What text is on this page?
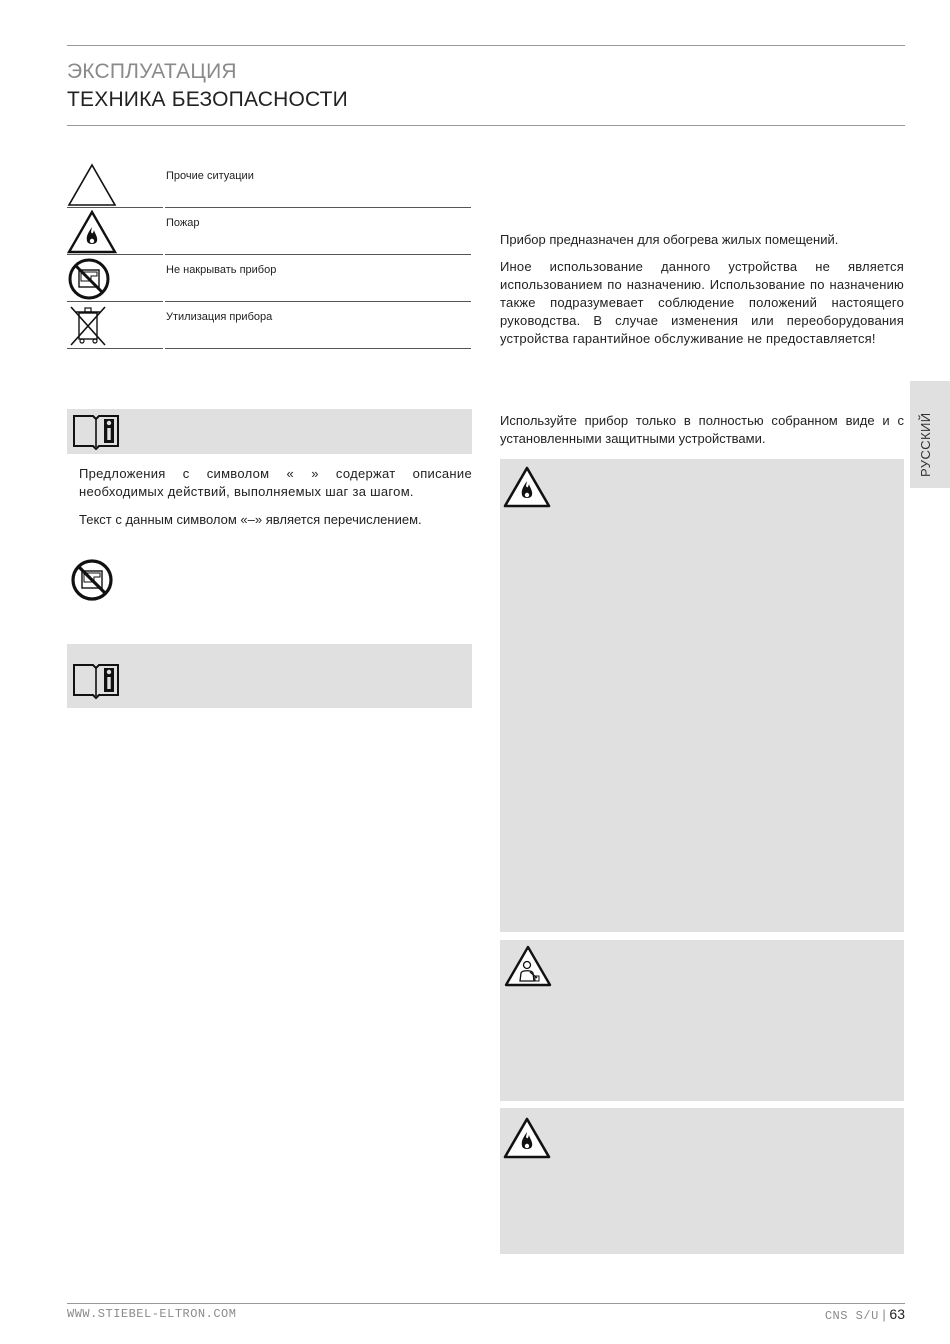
ЭКСПЛУАТАЦИЯ
ТЕХНИКА БЕЗОПАСНОСТИ
Прочие ситуации
Пожар
Не накрывать прибор
Утилизация прибора
Предложения с символом « » содержат описание необходимых действий, выполняемых шаг за шагом.
Текст с данным символом «–» является перечислением.
Прибор предназначен для обогрева жилых помещений.
Иное использование данного устройства не является использованием по назначению. Использование по назначению также подразумевает соблюдение положений настоящего руководства. В случае изменения или переоборудования устройства гарантийное обслуживание не предоставляется!
Используйте прибор только в полностью собранном виде и с установленными защитными устройствами.	РУССКИЙ
WWW.STIEBEL-ELTRON.COM	CNS S/U | 63
